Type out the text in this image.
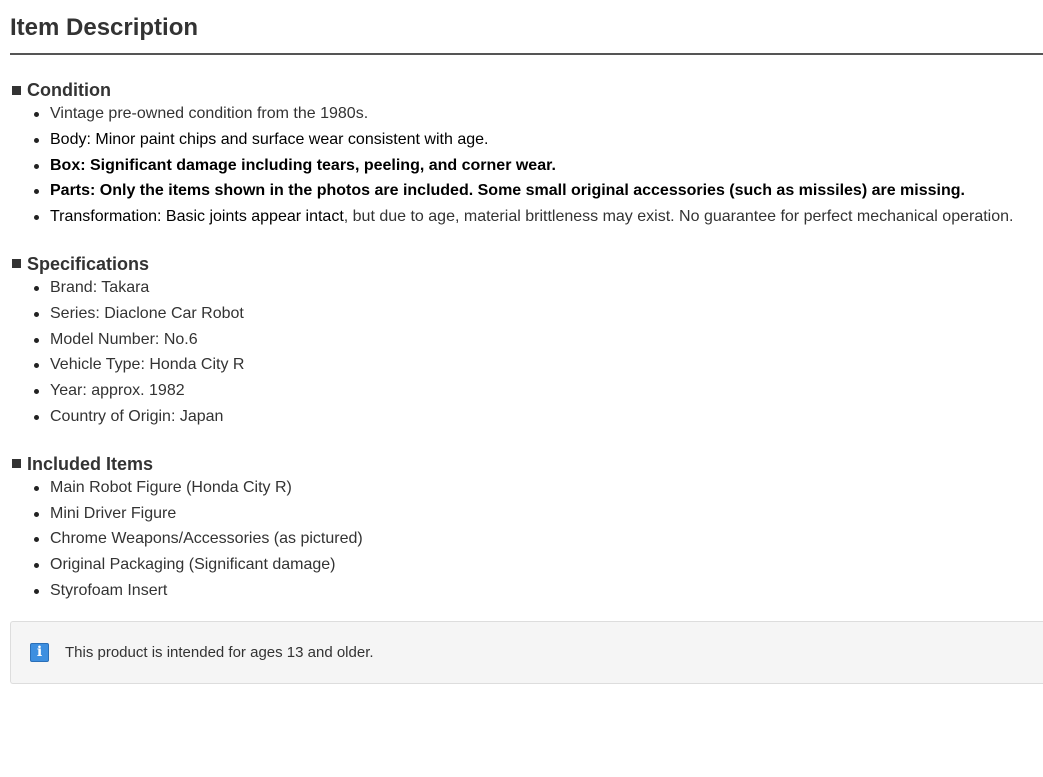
Item Description
Condition
Vintage pre-owned condition from the 1980s.
Body: Minor paint chips and surface wear consistent with age.
Box: Significant damage including tears, peeling, and corner wear.
Parts: Only the items shown in the photos are included. Some small original accessories (such as missiles) are missing.
Transformation: Basic joints appear intact, but due to age, material brittleness may exist. No guarantee for perfect mechanical operation.
Specifications
Brand: Takara
Series: Diaclone Car Robot
Model Number: No.6
Vehicle Type: Honda City R
Year: approx. 1982
Country of Origin: Japan
Included Items
Main Robot Figure (Honda City R)
Mini Driver Figure
Chrome Weapons/Accessories (as pictured)
Original Packaging (Significant damage)
Styrofoam Insert
i	This product is intended for ages 13 and older.
